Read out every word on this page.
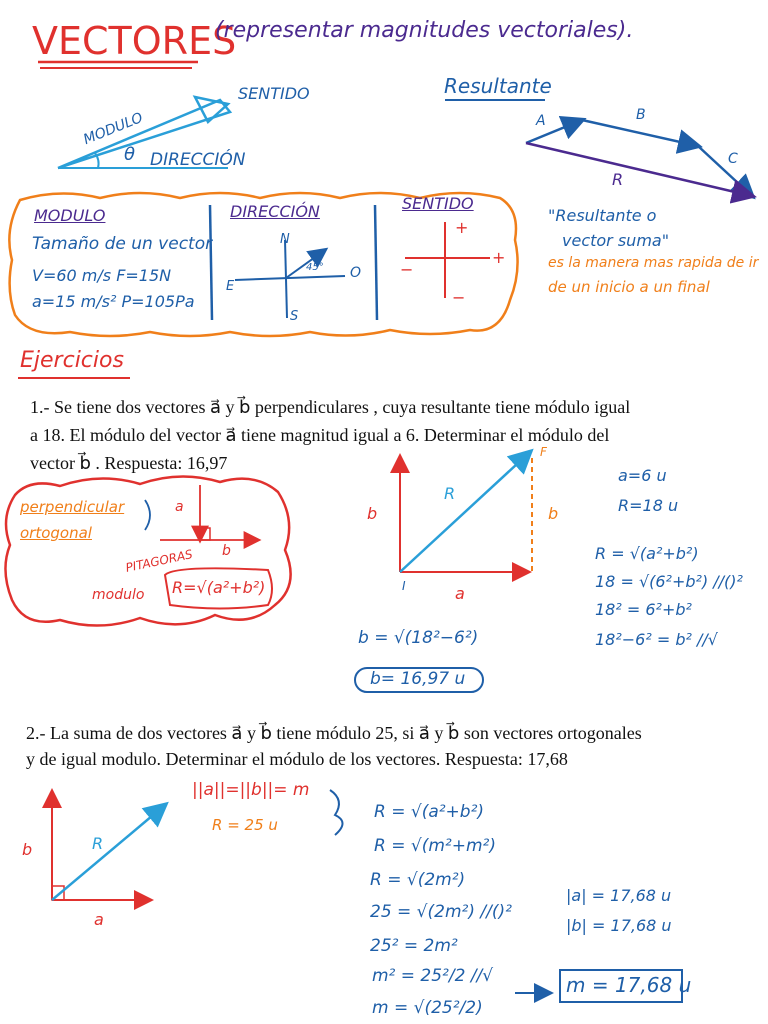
VECTORES
(representar magnitudes vectoriales).
MODULO
SENTIDO
θ DIRECCIÓN
Resultante
A	B
C
R
"Resultante o
vector suma"
es la manera mas rapida de ir
de un inicio a un final
MODULO
Tamaño de un vector
V=60 m/s F=15N
a=15 m/s² P=105Pa
DIRECCIÓN
N
S
E
O
45°
SENTIDO
+
+
−
−
Ejercicios
1.- Se tiene dos vectores a⃗ y b⃗ perpendiculares , cuya resultante tiene módulo igual
a 18. El módulo del vector a⃗ tiene magnitud igual a 6. Determinar el módulo del
vector b⃗ . Respuesta: 16,97
perpendicular
ortogonal
a
b
PITAGORAS
modulo R=√(a²+b²)
b
R
a
I
F
b
a=6 u
R=18 u
R = √(a²+b²)
18 = √(6²+b²) //()²
18² = 6²+b²
18²−6² = b² //√
b = √(18²−6²)
b= 16,97 u
2.- La suma de dos vectores a⃗ y b⃗ tiene módulo 25, si a⃗ y b⃗ son vectores ortogonales
y de igual modulo. Determinar el módulo de los vectores. Respuesta: 17,68
b	R
a
||a||=||b||= m
R = 25 u
R = √(a²+b²)
R = √(m²+m²)
R = √(2m²)
25 = √(2m²) //()²
25² = 2m²
m² = 25²/2 //√
m = √(25²/2)
|a| = 17,68 u
|b| = 17,68 u
m = 17,68 u
